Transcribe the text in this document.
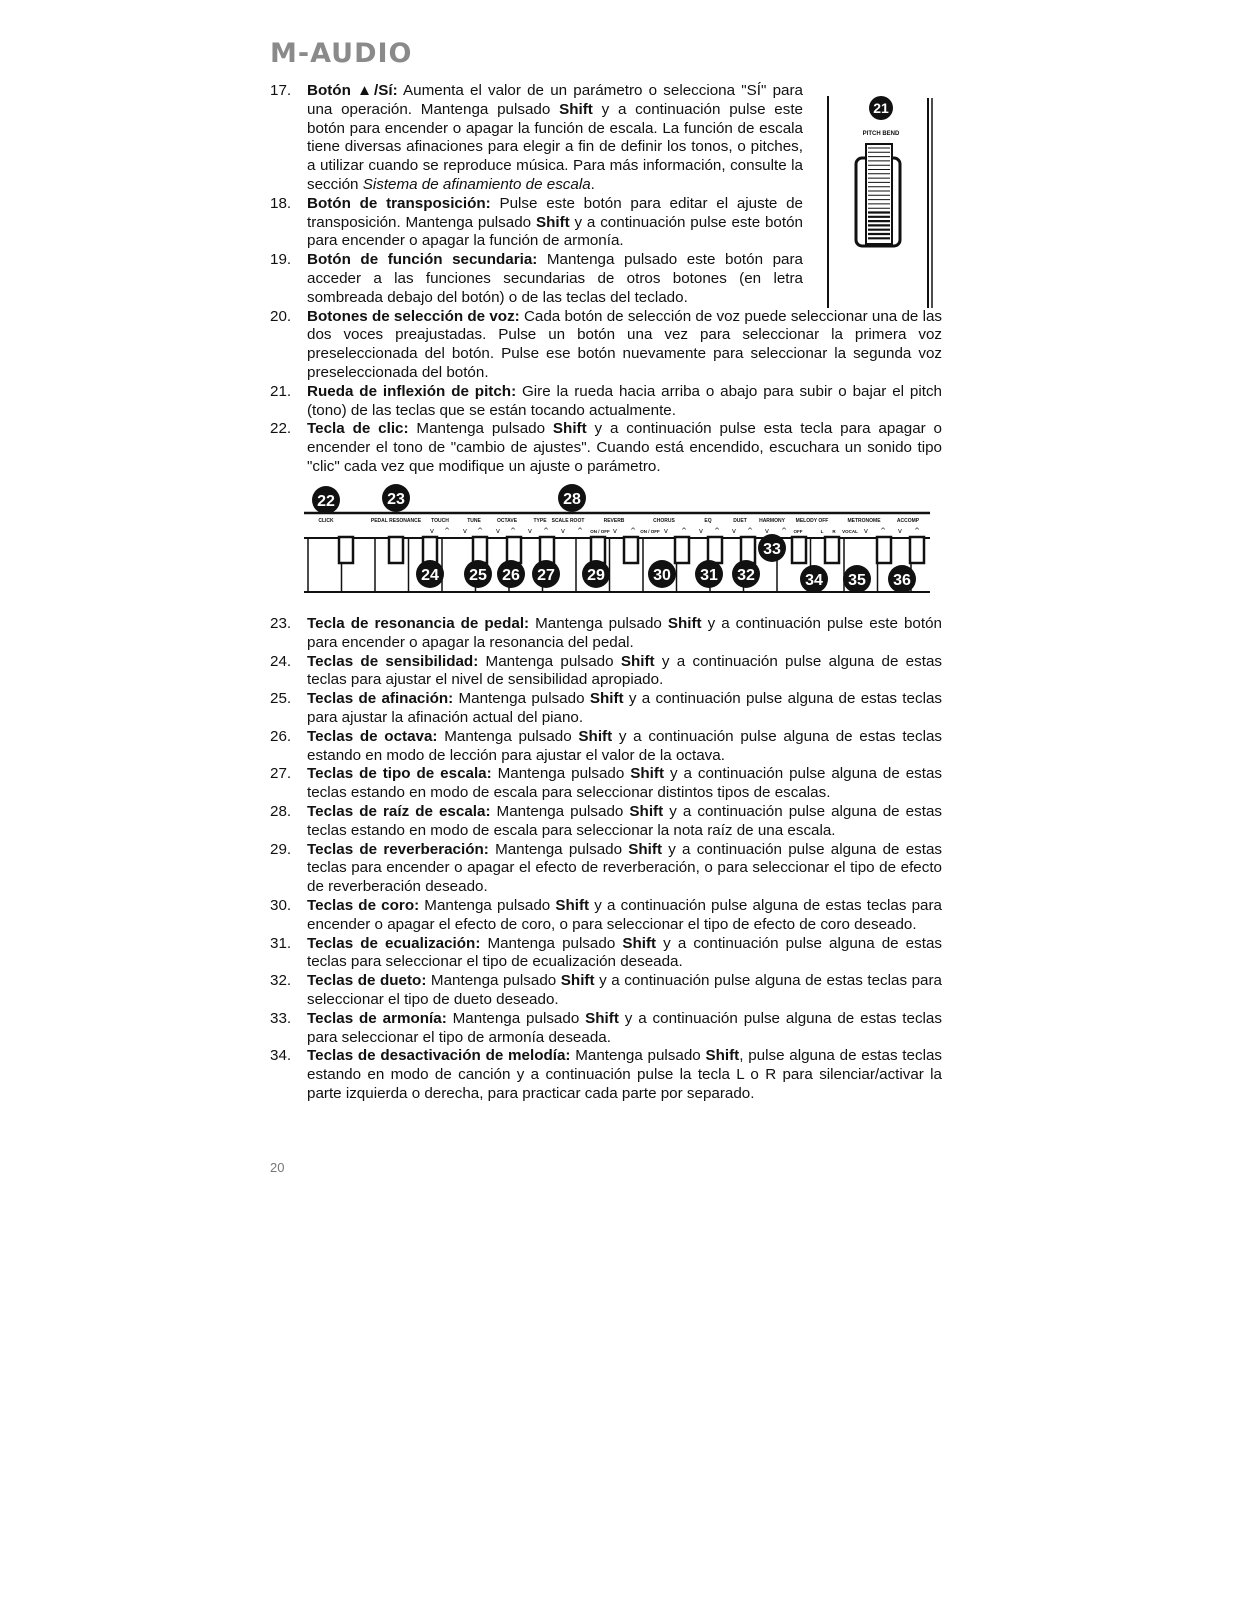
M-AUDIO
17.	Botón ▲/Sí: Aumenta el valor de un parámetro o selecciona "SÍ" para una operación. Mantenga pulsado Shift y a continuación pulse este botón para encender o apagar la función de escala. La función de escala tiene diversas afinaciones para elegir a fin de definir los tonos, o pitches, a utilizar cuando se reproduce música. Para más información, consulte la sección Sistema de afinamiento de escala.
18.	Botón de transposición: Pulse este botón para editar el ajuste de transposición. Mantenga pulsado Shift y a continuación pulse este botón para encender o apagar la función de armonía.
19.	Botón de función secundaria: Mantenga pulsado este botón para acceder a las funciones secundarias de otros botones (en letra sombreada debajo del botón) o de las teclas del teclado.
20.	Botones de selección de voz: Cada botón de selección de voz puede seleccionar una de las dos voces preajustadas. Pulse un botón una vez para seleccionar la primera voz preseleccionada del botón. Pulse ese botón nuevamente para seleccionar la segunda voz preseleccionada del botón.
21.	Rueda de inflexión de pitch: Gire la rueda hacia arriba o abajo para subir o bajar el pitch (tono) de las teclas que se están tocando actualmente.
22.	Tecla de clic: Mantenga pulsado Shift y a continuación pulse esta tecla para apagar o encender el tono de "cambio de ajustes". Cuando está encendido, escuchara un sonido tipo "clic" cada vez que modifique un ajuste o parámetro.
21
PITCH BEND
CLICK	PEDAL RESONANCE TOUCH	TUNE	OCTAVE	TYPE SCALE ROOT	REVERB	CHORUS	EQ	DUET HARMONY MELODY OFF	METRONOME	ACCOMP
ON / OFF	ON / OFF	OFF	L R VOCAL
v ^ v ^ v ^ v ^ v ^	v ^	v ^ v ^ v ^ v ^	v ^ v ^
22	23	28
24 25 26 27 29	30 31 32
33
34 35 36
23.	Tecla de resonancia de pedal: Mantenga pulsado Shift y a continuación pulse este botón para encender o apagar la resonancia del pedal.
24.	Teclas de sensibilidad: Mantenga pulsado Shift y a continuación pulse alguna de estas teclas para ajustar el nivel de sensibilidad apropiado.
25.	Teclas de afinación: Mantenga pulsado Shift y a continuación pulse alguna de estas teclas para ajustar la afinación actual del piano.
26.	Teclas de octava: Mantenga pulsado Shift y a continuación pulse alguna de estas teclas estando en modo de lección para ajustar el valor de la octava.
27.	Teclas de tipo de escala: Mantenga pulsado Shift y a continuación pulse alguna de estas teclas estando en modo de escala para seleccionar distintos tipos de escalas.
28.	Teclas de raíz de escala: Mantenga pulsado Shift y a continuación pulse alguna de estas teclas estando en modo de escala para seleccionar la nota raíz de una escala.
29.	Teclas de reverberación: Mantenga pulsado Shift y a continuación pulse alguna de estas teclas para encender o apagar el efecto de reverberación, o para seleccionar el tipo de efecto de reverberación deseado.
30.	Teclas de coro: Mantenga pulsado Shift y a continuación pulse alguna de estas teclas para encender o apagar el efecto de coro, o para seleccionar el tipo de efecto de coro deseado.
31.	Teclas de ecualización: Mantenga pulsado Shift y a continuación pulse alguna de estas teclas para seleccionar el tipo de ecualización deseada.
32.	Teclas de dueto: Mantenga pulsado Shift y a continuación pulse alguna de estas teclas para seleccionar el tipo de dueto deseado.
33.	Teclas de armonía: Mantenga pulsado Shift y a continuación pulse alguna de estas teclas para seleccionar el tipo de armonía deseada.
34.	Teclas de desactivación de melodía: Mantenga pulsado Shift, pulse alguna de estas teclas estando en modo de canción y a continuación pulse la tecla L o R para silenciar/activar la parte izquierda o derecha, para practicar cada parte por separado.
20
